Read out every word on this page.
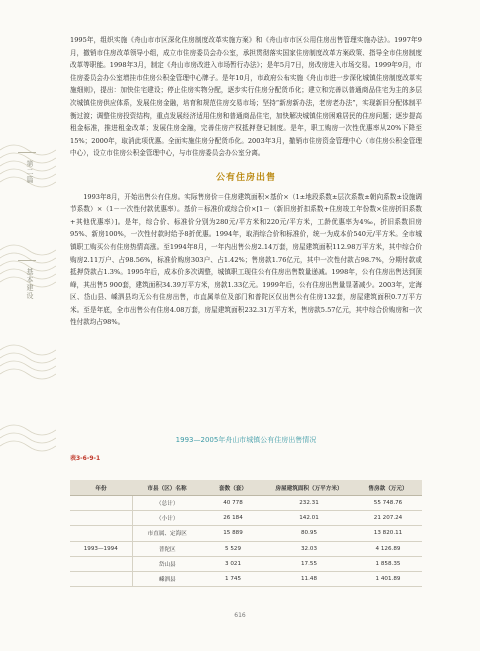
第二篇
基本建设

1995年，组织实施《舟山市市区深化住房制度改革实施方案》和《舟山市市区公用住房出售管理实施办法》。1997年9月，撤销市住房改革领导小组，成立市住房委员会办公室，承担贯彻落实国家住房制度改革方案政策、指导全市住房制度改革等职能。1998年3月，制定《舟山市房改进入市场暂行办法》；是年5月7日，房改房进入市场交易。1999年9月，市住房委员会办公室增挂市住房公积金管理中心牌子。是年10月，市政府公布实施《舟山市进一步深化城镇住房制度改革实施细则》，提出：加快住宅建设；停止住房实物分配，逐步实行住房分配货币化；建立和完善以普通商品住宅为主的多层次城镇住房供应体系，发展住房金融，培育和规范住房交易市场；坚持“新房新办法，老房老办法”，实现新旧分配体制平衡过渡；调整住房投资结构，重点发展经济适用住房和普通商品住宅，加快解决城镇住房困难居民的住房问题；逐步提高租金标准，推进租金改革；发展住房金融，完善住房产权抵押登记制度。是年，职工购房一次性优惠率从20%下降至15%；2000年，取消此项优惠。全面实施住房分配货币化。2003年3月，撤销市住房资金管理中心（市住房公积金管理中心），设立市住房公积金管理中心，与市住房委员会办公室分离。

公有住房出售

1993年8月，开始出售公有住房。实际售房价＝住房建筑面积×基价×（1±地段系数±层次系数±朝向系数±设施调节系数）×（1－一次性付款优惠率）。基价＝标准价或综合价×[1－（新旧房折扣系数+住房竣工年份数×住房折旧系数+其他优惠率）]。是年，综合价、标准价分别为280元/平方米和220元/平方米，工龄优惠率为4‰，折旧系数旧房95%、新房100%，一次性付款时给予8折优惠。1994年，取消综合价和标准价，统一为成本价540元/平方米。全市城镇职工购买公有住房热情高涨。至1994年8月，一年内出售公房2.14万套，房屋建筑面积112.98万平方米，其中综合价购房2.11万户、占98.56%，标准价购房303户、占1.42%；售房款1.76亿元，其中一次性付款占98.7%，分期付款或抵押贷款占1.3%。1995年后，成本价多次调整，城镇职工现住公有住房出售数量递减。1998年，公有住房出售达到顶峰，其出售5 900套，建筑面积34.39万平方米，房款1.33亿元。1999年后，公有住房出售量显著减少。2003年，定海区、岱山县、嵊泗县均无公有住房出售，市直属单位及部门和普陀区仅出售公有住房132套，房屋建筑面积0.7万平方米。至是年底，全市出售公有住房4.08万套，房屋建筑面积232.31万平方米，售房款5.57亿元，其中综合价购房和一次性付款均占98%。

1993—2005年舟山市城镇公有住房出售情况
表3-6-9-1
年份	市县（区）名称	套数（套）	房屋建筑面积（万平方米）	售房款（万元）
	（总计）	40 778	232.31	55 748.76
	（小计）	26 184	142.01	21 207.24
	市直属、定海区	15 889	80.95	13 820.11
1993—1994	普陀区	5 529	32.03	4 126.89
	岱山县	3 021	17.55	1 858.35
	嵊泗县	1 745	11.48	1 401.89
616
